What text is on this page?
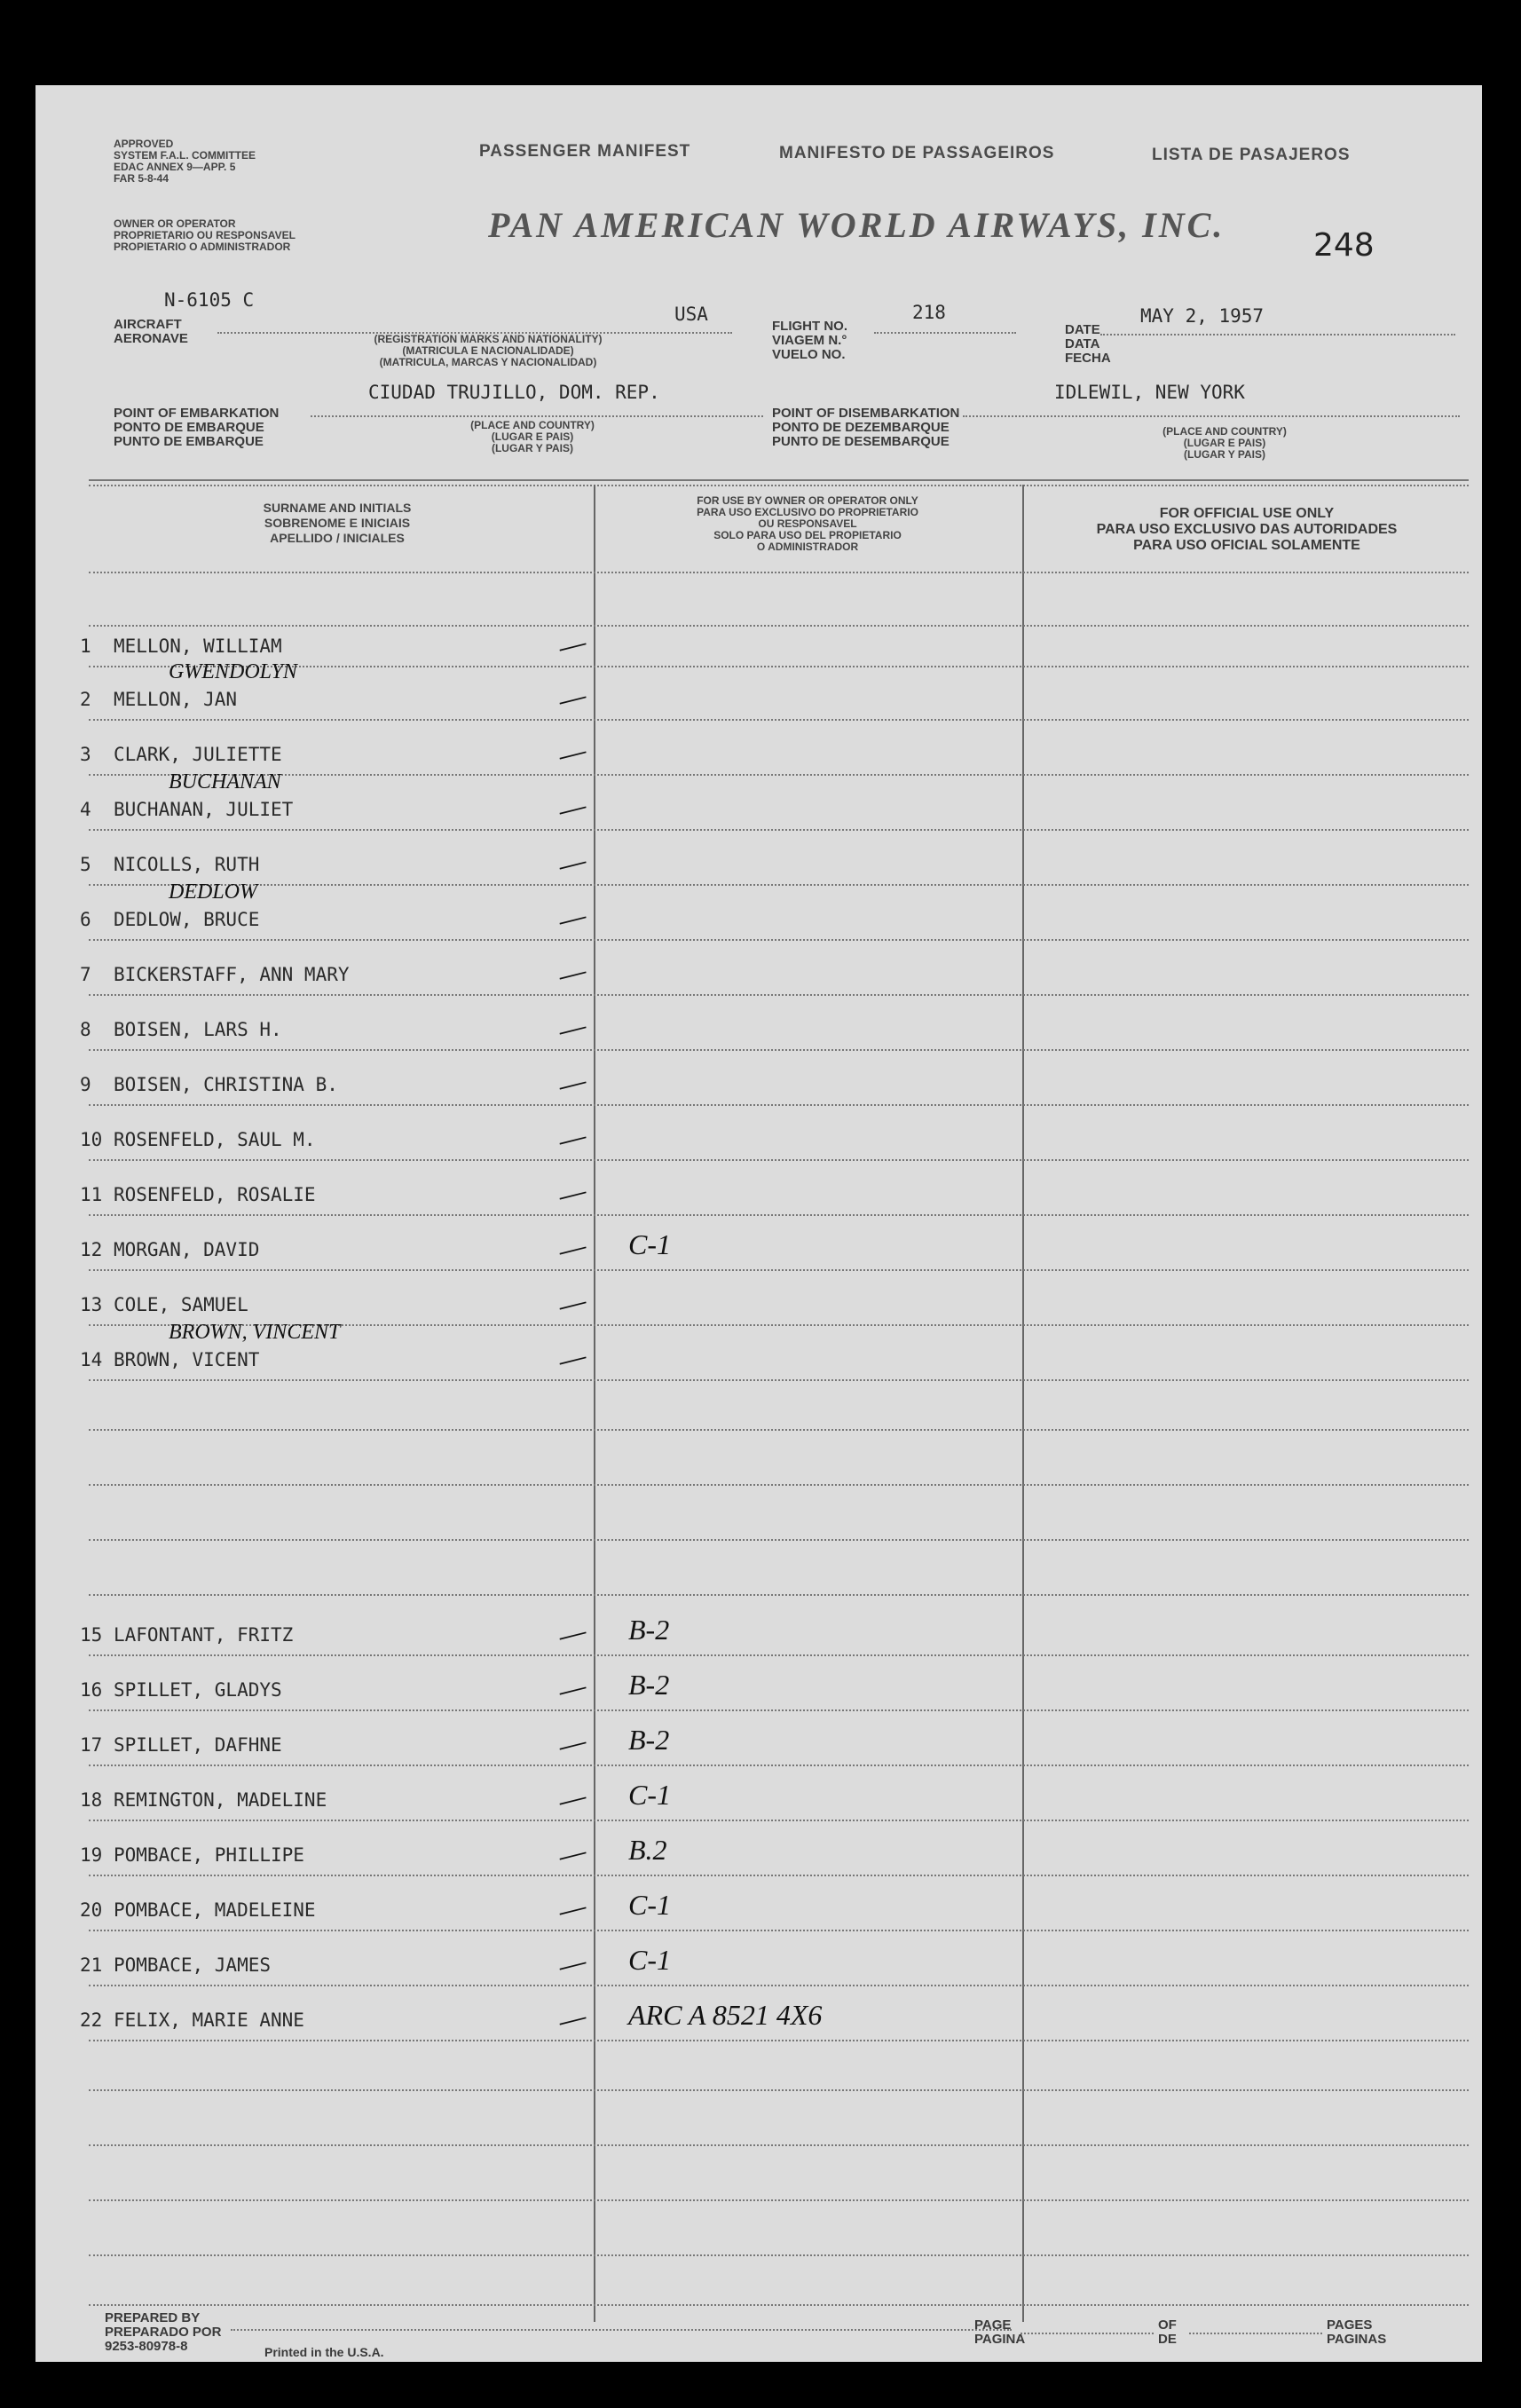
APPROVED
SYSTEM F.A.L. COMMITTEE
EDAC ANNEX 9—APP. 5
FAR 5-8-44
PASSENGER MANIFEST	MANIFESTO DE PASSAGEIROS	LISTA DE PASAJEROS
OWNER OR OPERATOR
PROPRIETARIO OU RESPONSAVEL
PROPIETARIO O ADMINISTRADOR
PAN AMERICAN WORLD AIRWAYS, INC.
248
N-6105 C
USA
AIRCRAFT
AERONAVE	(REGISTRATION MARKS AND NATIONALITY)
(MATRICULA E NACIONALIDADE)
(MATRICULA, MARCAS Y NACIONALIDAD)
FLIGHT NO.
VIAGEM N.°
VUELO NO.
218
DATE
DATA
FECHA
MAY 2, 1957
CIUDAD TRUJILLO, DOM. REP.
POINT OF EMBARKATION
PONTO DE EMBARQUE
PUNTO DE EMBARQUE
(PLACE AND COUNTRY)
(LUGAR E PAIS)
(LUGAR Y PAIS)
POINT OF DISEMBARKATION
PONTO DE DEZEMBARQUE
PUNTO DE DESEMBARQUE
IDLEWIL, NEW YORK
(PLACE AND COUNTRY)
(LUGAR E PAIS)
(LUGAR Y PAIS)
SURNAME AND INITIALS
SOBRENOME E INICIAIS
APELLIDO / INICIALES
FOR USE BY OWNER OR OPERATOR ONLY
PARA USO EXCLUSIVO DO PROPRIETARIO
OU RESPONSAVEL
SOLO PARA USO DEL PROPIETARIO
O ADMINISTRADOR
FOR OFFICIAL USE ONLY
PARA USO EXCLUSIVO DAS AUTORIDADES
PARA USO OFICIAL SOLAMENTE
1 MELLON, WILLIAM	—
2 MELLON, JAN	—
GWENDOLYN
3 CLARK, JULIETTE	—
4 BUCHANAN, JULIET	—
BUCHANAN
5 NICOLLS, RUTH	—
6 DEDLOW, BRUCE	—
DEDLOW
7 BICKERSTAFF, ANN MARY	—
8 BOISEN, LARS H.	—
9 BOISEN, CHRISTINA B.	—
10 ROSENFELD, SAUL M.	—
11 ROSENFELD, ROSALIE	—
12 MORGAN, DAVID	— C-1
13 COLE, SAMUEL	—
14 BROWN, VICENT	—
BROWN, VINCENT
15 LAFONTANT, FRITZ	— B-2
16 SPILLET, GLADYS	— B-2
17 SPILLET, DAFHNE	— B-2
18 REMINGTON, MADELINE	— C-1
19 POMBACE, PHILLIPE	— B.2
20 POMBACE, MADELEINE	— C-1
21 POMBACE, JAMES	— C-1
22 FELIX, MARIE ANNE	— ARC A 8521 4X6
PREPARED BY
PREPARADO POR
9253-80978-8	Printed in the U.S.A.
PAGE
PAGINA
OF
DE
PAGES
PAGINAS
